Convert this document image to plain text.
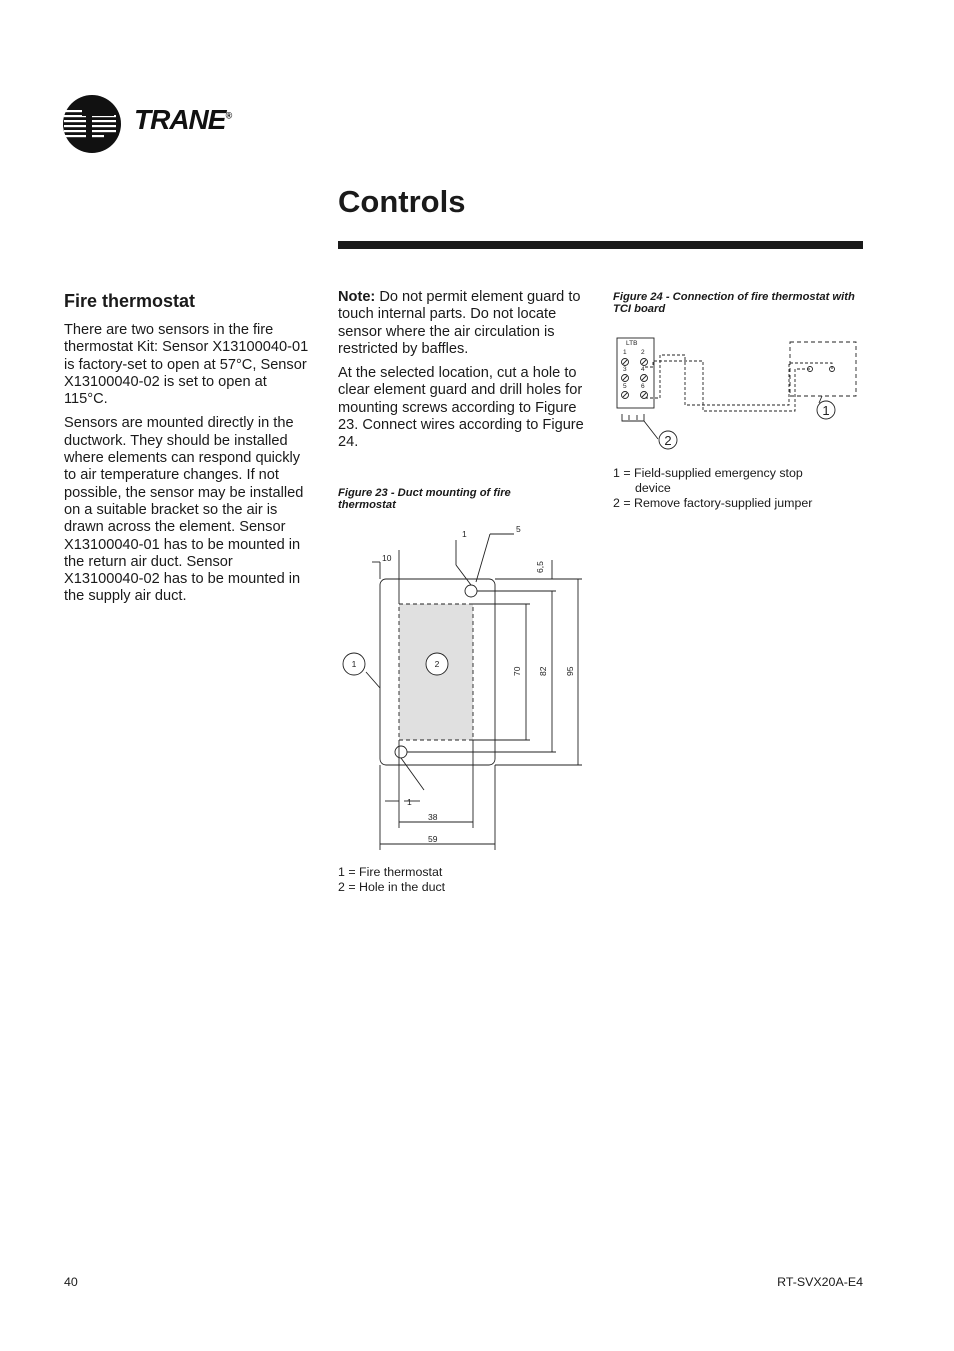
TRANE®
Controls
Fire thermostat

There are two sensors in the fire thermostat Kit: Sensor X13100040-01 is factory-set to open at 57°C, Sensor X13100040-02 is set to open at 115°C.

Sensors are mounted directly in the ductwork. They should be installed where elements can respond quickly to air temperature changes. If not possible, the sensor may be installed on a suitable bracket so the air is drawn across the element. Sensor X13100040-01 has to be mounted in the return air duct. Sensor X13100040-02 has to be mounted in the supply air duct.

Note: Do not permit element guard to touch internal parts. Do not locate sensor where the air circulation is restricted by baffles.

At the selected location, cut a hole to clear element guard and drill holes for mounting screws according to Figure 23. Connect wires according to Figure 24.

Figure 23 - Duct mounting of fire thermostat
1	2
1	5
10
6,5
70 82 95
1
38
59
1 = Fire thermostat
2 = Hole in the duct
Figure 24 - Connection of fire thermostat with TCI board
LTB
1 2
3 4
5 6
1
2
1 = Field-supplied emergency stop
device
2 = Remove factory-supplied jumper
40	RT-SVX20A-E4
